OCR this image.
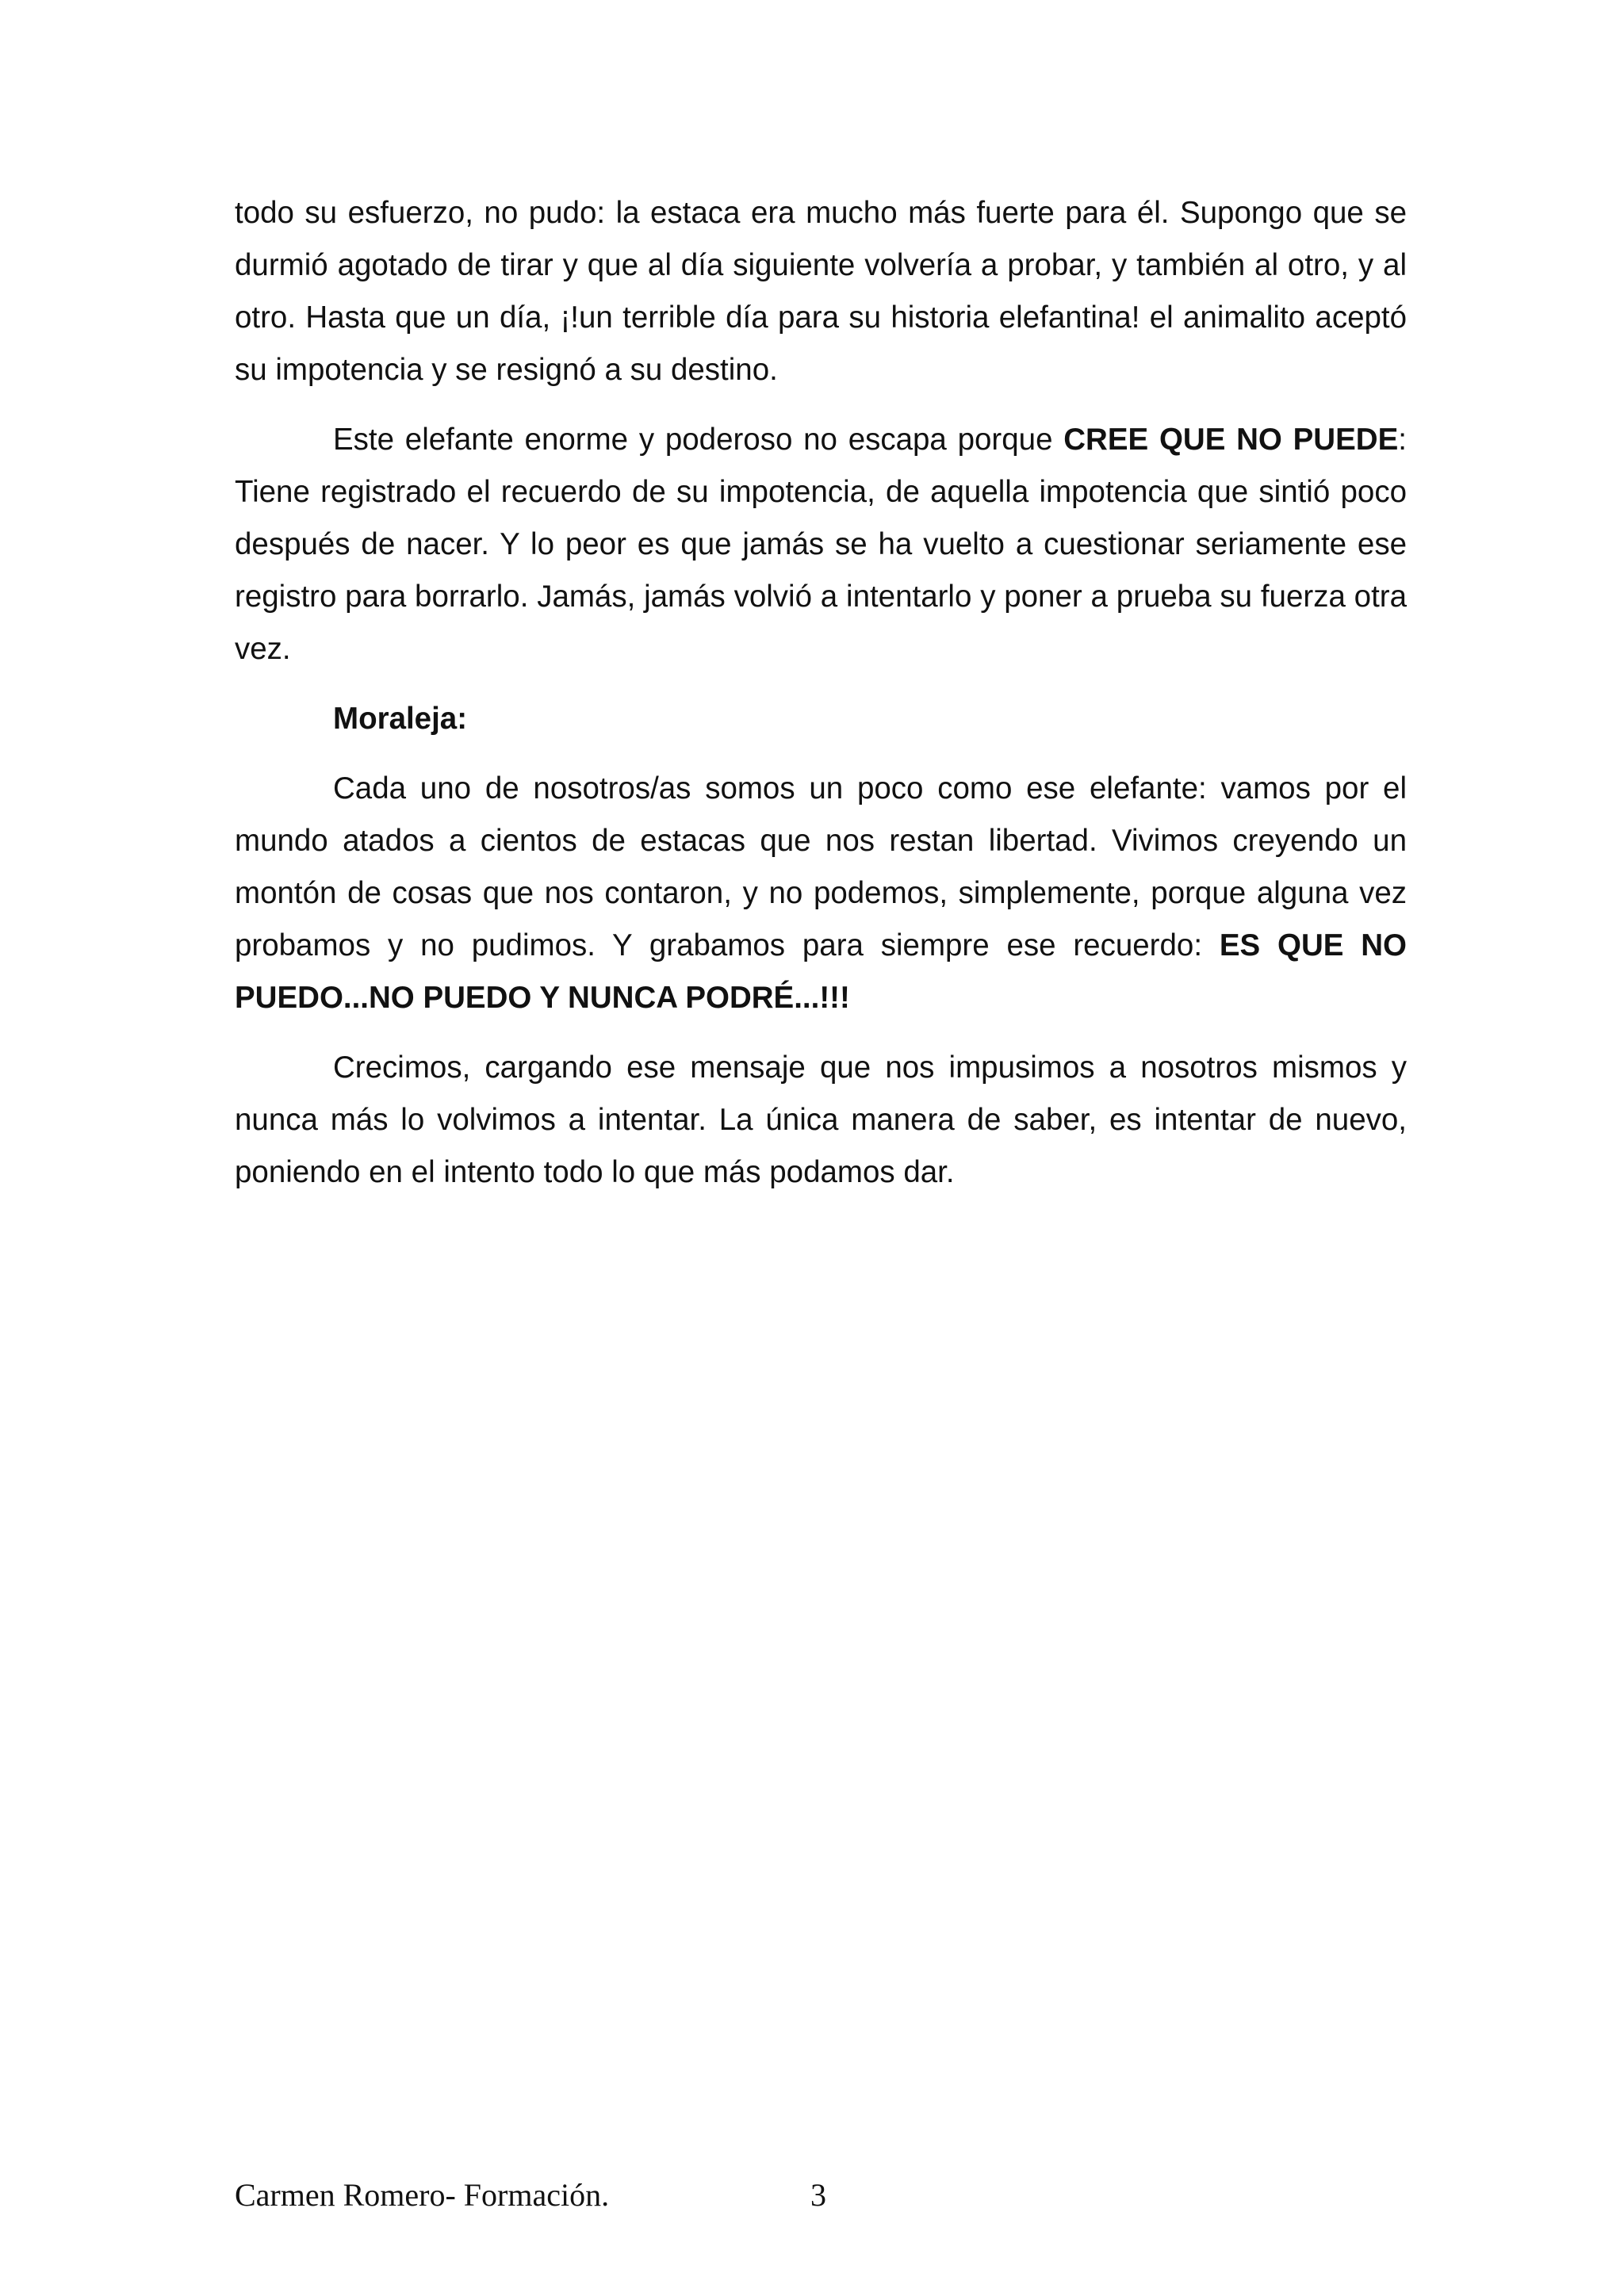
todo su esfuerzo, no pudo: la estaca era mucho más fuerte para él. Supongo que se durmió agotado de tirar y que al día siguiente volvería a probar, y también al otro, y al otro. Hasta que un día, ¡!un terrible día para su historia elefantina! el animalito aceptó su impotencia y se resignó a su destino.

Este elefante enorme y poderoso no escapa porque CREE QUE NO PUEDE: Tiene registrado el recuerdo de su impotencia, de aquella impotencia que sintió poco después de nacer. Y lo peor es que jamás se ha vuelto a cuestionar seriamente ese registro para borrarlo. Jamás, jamás volvió a intentarlo y poner a prueba su fuerza otra vez.

Moraleja:

Cada uno de nosotros/as somos un poco como ese elefante: vamos por el mundo atados a cientos de estacas que nos restan libertad. Vivimos creyendo un montón de cosas que nos contaron, y no podemos, simplemente, porque alguna vez probamos y no pudimos. Y grabamos para siempre ese recuerdo: ES QUE NO PUEDO...NO PUEDO Y NUNCA PODRÉ...!!!

Crecimos, cargando ese mensaje que nos impusimos a nosotros mismos y nunca más lo volvimos a intentar. La única manera de saber, es intentar de nuevo, poniendo en el intento todo lo que más podamos dar.

Carmen Romero- Formación.	3
